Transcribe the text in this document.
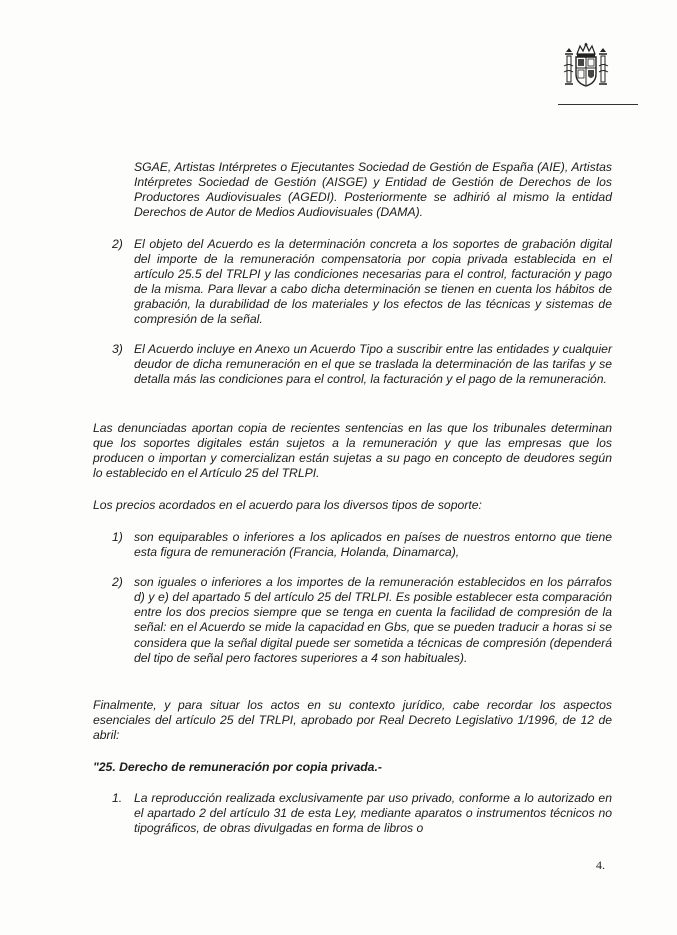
SGAE, Artistas Intérpretes o Ejecutantes Sociedad de Gestión de España (AIE), Artistas Intérpretes Sociedad de Gestión (AISGE) y Entidad de Gestión de Derechos de los Productores Audiovisuales (AGEDI). Posteriormente se adhirió al mismo la entidad Derechos de Autor de Medios Audiovisuales (DAMA).
2) El objeto del Acuerdo es la determinación concreta a los soportes de grabación digital del importe de la remuneración compensatoria por copia privada establecida en el artículo 25.5 del TRLPI y las condiciones necesarias para el control, facturación y pago de la misma. Para llevar a cabo dicha determinación se tienen en cuenta los hábitos de grabación, la durabilidad de los materiales y los efectos de las técnicas y sistemas de compresión de la señal.
3) El Acuerdo incluye en Anexo un Acuerdo Tipo a suscribir entre las entidades y cualquier deudor de dicha remuneración en el que se traslada la determinación de las tarifas y se detalla más las condiciones para el control, la facturación y el pago de la remuneración.
Las denunciadas aportan copia de recientes sentencias en las que los tribunales determinan que los soportes digitales están sujetos a la remuneración y que las empresas que los producen o importan y comercializan están sujetas a su pago en concepto de deudores según lo establecido en el Artículo 25 del TRLPI.
Los precios acordados en el acuerdo para los diversos tipos de soporte:
1) son equiparables o inferiores a los aplicados en países de nuestros entorno que tiene esta figura de remuneración (Francia, Holanda, Dinamarca),
2) son iguales o inferiores a los importes de la remuneración establecidos en los párrafos d) y e) del apartado 5 del artículo 25 del TRLPI. Es posible establecer esta comparación entre los dos precios siempre que se tenga en cuenta la facilidad de compresión de la señal: en el Acuerdo se mide la capacidad en Gbs, que se pueden traducir a horas si se considera que la señal digital puede ser sometida a técnicas de compresión (dependerá del tipo de señal pero factores superiores a 4 son habituales).
Finalmente, y para situar los actos en su contexto jurídico, cabe recordar los aspectos esenciales del artículo 25 del TRLPI, aprobado por Real Decreto Legislativo 1/1996, de 12 de abril:
"25. Derecho de remuneración por copia privada.-
1. La reproducción realizada exclusivamente par uso privado, conforme a lo autorizado en el apartado 2 del artículo 31 de esta Ley, mediante aparatos o instrumentos técnicos no tipográficos, de obras divulgadas en forma de libros o
4.
